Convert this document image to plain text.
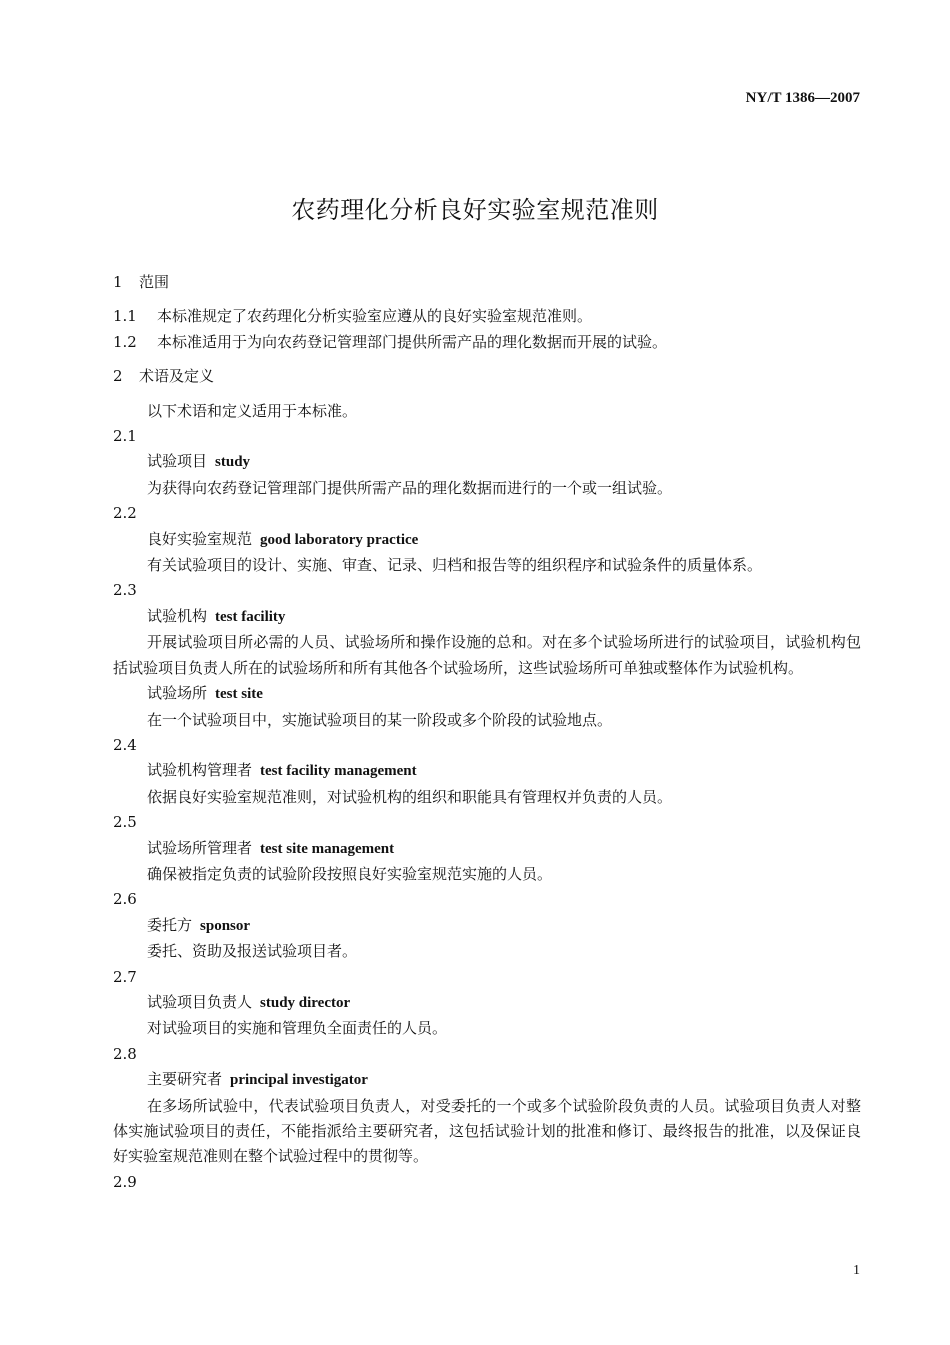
NY/T 1386—2007
农药理化分析良好实验室规范准则
1 范围
1.1 本标准规定了农药理化分析实验室应遵从的良好实验室规范准则。
1.2 本标准适用于为向农药登记管理部门提供所需产品的理化数据而开展的试验。
2 术语及定义
以下术语和定义适用于本标准。
2.1
试验项目 study
为获得向农药登记管理部门提供所需产品的理化数据而进行的一个或一组试验。
2.2
良好实验室规范 good laboratory practice
有关试验项目的设计、实施、审查、记录、归档和报告等的组织程序和试验条件的质量体系。
2.3
试验机构 test facility
开展试验项目所必需的人员、试验场所和操作设施的总和。对在多个试验场所进行的试验项目，试验机构包括试验项目负责人所在的试验场所和所有其他各个试验场所，这些试验场所可单独或整体作为试验机构。
试验场所 test site
在一个试验项目中，实施试验项目的某一阶段或多个阶段的试验地点。
2.4
试验机构管理者 test facility management
依据良好实验室规范准则，对试验机构的组织和职能具有管理权并负责的人员。
2.5
试验场所管理者 test site management
确保被指定负责的试验阶段按照良好实验室规范实施的人员。
2.6
委托方 sponsor
委托、资助及报送试验项目者。
2.7
试验项目负责人 study director
对试验项目的实施和管理负全面责任的人员。
2.8
主要研究者 principal investigator
在多场所试验中，代表试验项目负责人，对受委托的一个或多个试验阶段负责的人员。试验项目负责人对整体实施试验项目的责任，不能指派给主要研究者，这包括试验计划的批准和修订、最终报告的批准，以及保证良好实验室规范准则在整个试验过程中的贯彻等。
2.9
1
